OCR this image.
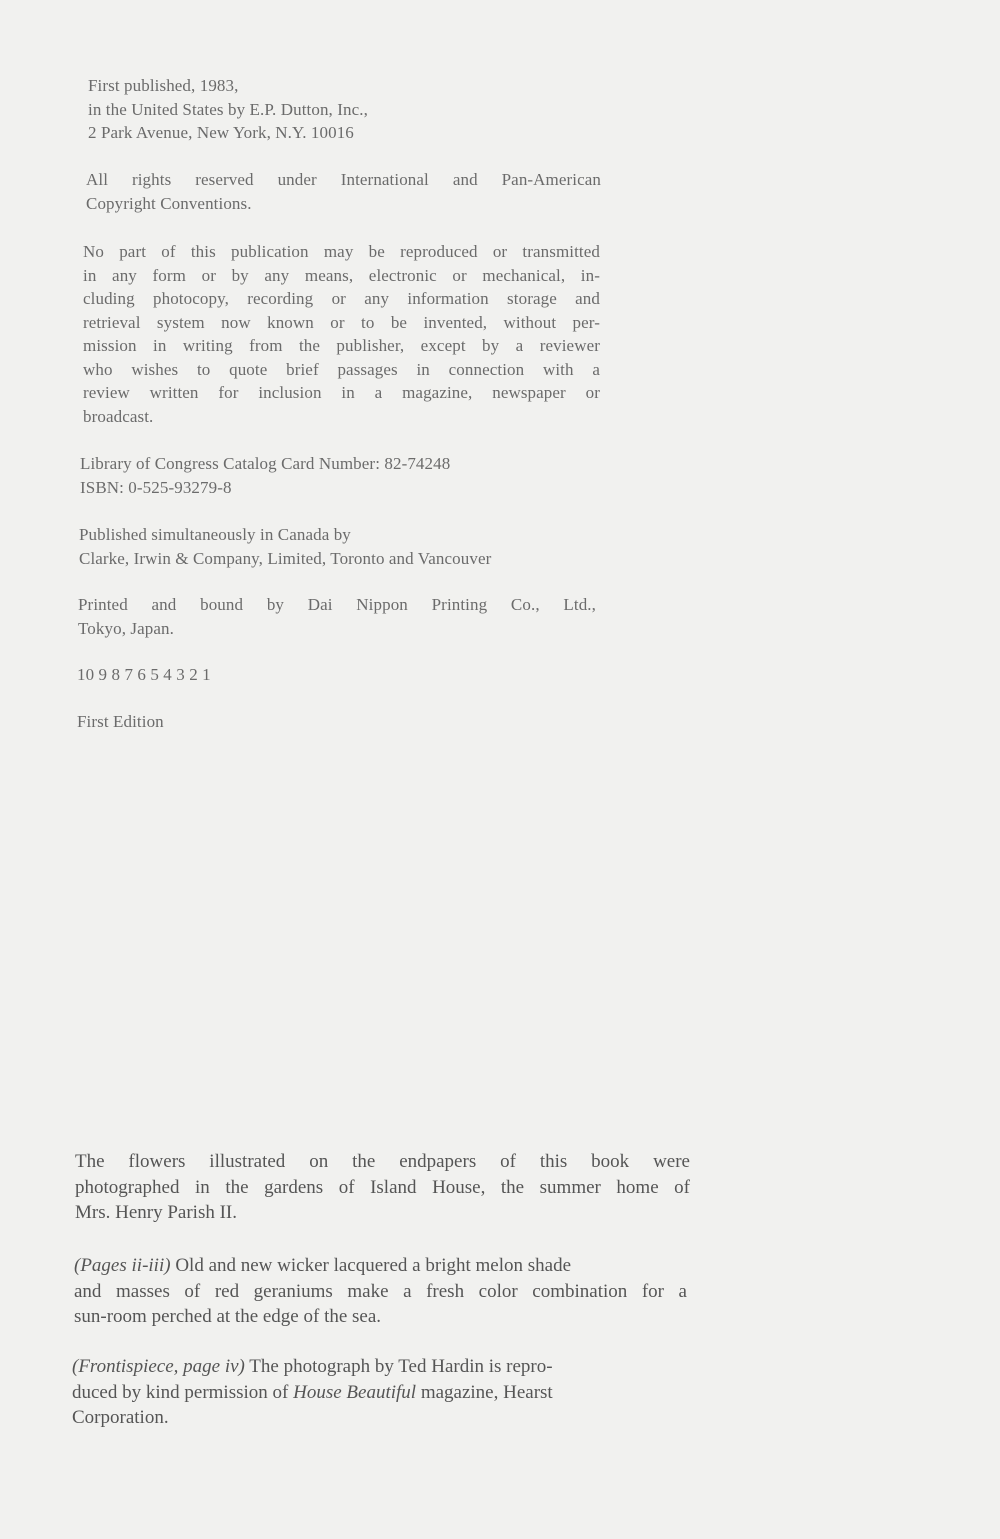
First published, 1983,
in the United States by E.P. Dutton, Inc.,
2 Park Avenue, New York, N.Y. 10016
All rights reserved under International and Pan-American
Copyright Conventions.
No part of this publication may be reproduced or transmitted
in any form or by any means, electronic or mechanical, in-
cluding photocopy, recording or any information storage and
retrieval system now known or to be invented, without per-
mission in writing from the publisher, except by a reviewer
who wishes to quote brief passages in connection with a
review written for inclusion in a magazine, newspaper or
broadcast.
Library of Congress Catalog Card Number: 82-74248
ISBN: 0-525-93279-8
Published simultaneously in Canada by
Clarke, Irwin & Company, Limited, Toronto and Vancouver
Printed and bound by Dai Nippon Printing Co., Ltd.,
Tokyo, Japan.
10 9 8 7 6 5 4 3 2 1
First Edition
The flowers illustrated on the endpapers of this book were
photographed in the gardens of Island House, the summer home of
Mrs. Henry Parish II.
(Pages ii-iii) Old and new wicker lacquered a bright melon shade
and masses of red geraniums make a fresh color combination for a
sun-room perched at the edge of the sea.
(Frontispiece, page iv) The photograph by Ted Hardin is repro-
duced by kind permission of House Beautiful magazine, Hearst
Corporation.
